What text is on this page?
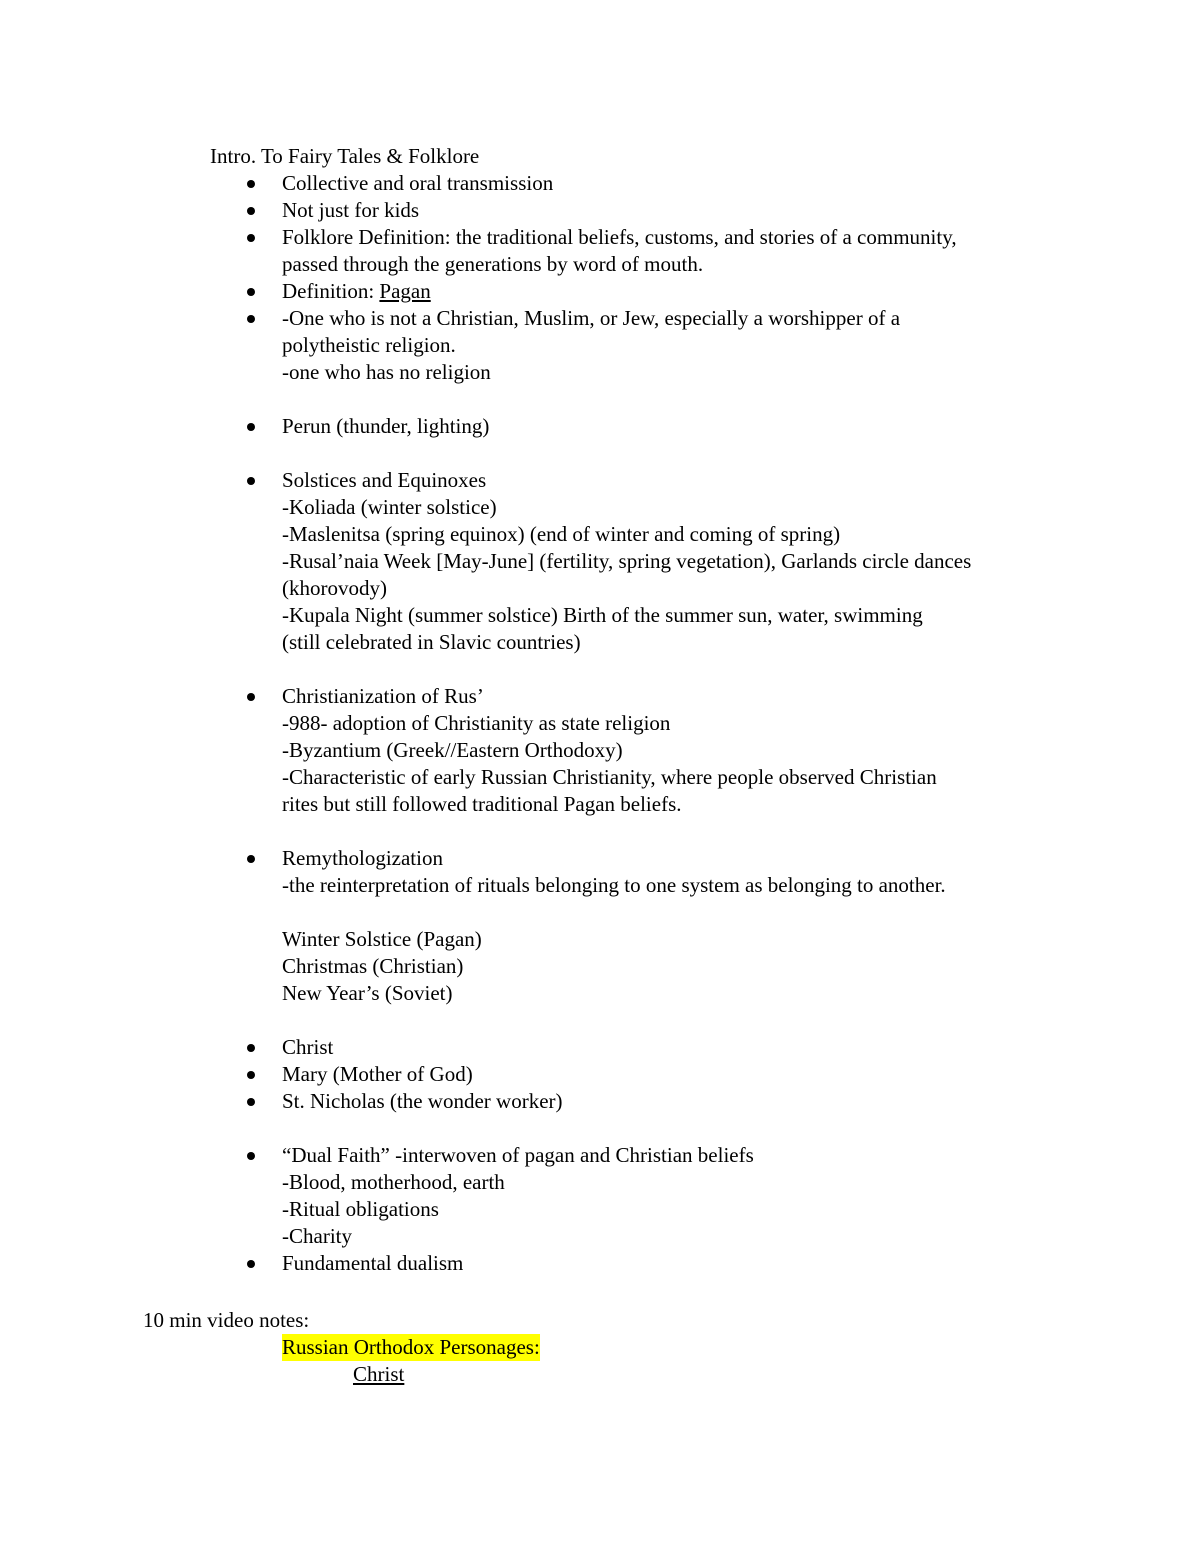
Intro. To Fairy Tales & Folklore
Collective and oral transmission
Not just for kids
Folklore Definition: the traditional beliefs, customs, and stories of a community,
passed through the generations by word of mouth.
Definition: Pagan
-One who is not a Christian, Muslim, or Jew, especially a worshipper of a
polytheistic religion.
-one who has no religion
Perun (thunder, lighting)
Solstices and Equinoxes
-Koliada (winter solstice)
-Maslenitsa (spring equinox) (end of winter and coming of spring)
-Rusal’naia Week [May-June] (fertility, spring vegetation), Garlands circle dances
(khorovody)
-Kupala Night (summer solstice) Birth of the summer sun, water, swimming
(still celebrated in Slavic countries)
Christianization of Rus’
-988- adoption of Christianity as state religion
-Byzantium (Greek//Eastern Orthodoxy)
-Characteristic of early Russian Christianity, where people observed Christian
rites but still followed traditional Pagan beliefs.
Remythologization
-the reinterpretation of rituals belonging to one system as belonging to another.
Winter Solstice (Pagan)
Christmas (Christian)
New Year’s (Soviet)
Christ
Mary (Mother of God)
St. Nicholas (the wonder worker)
“Dual Faith” -interwoven of pagan and Christian beliefs
-Blood, motherhood, earth
-Ritual obligations
-Charity
Fundamental dualism
10 min video notes:
Russian Orthodox Personages:
Christ
